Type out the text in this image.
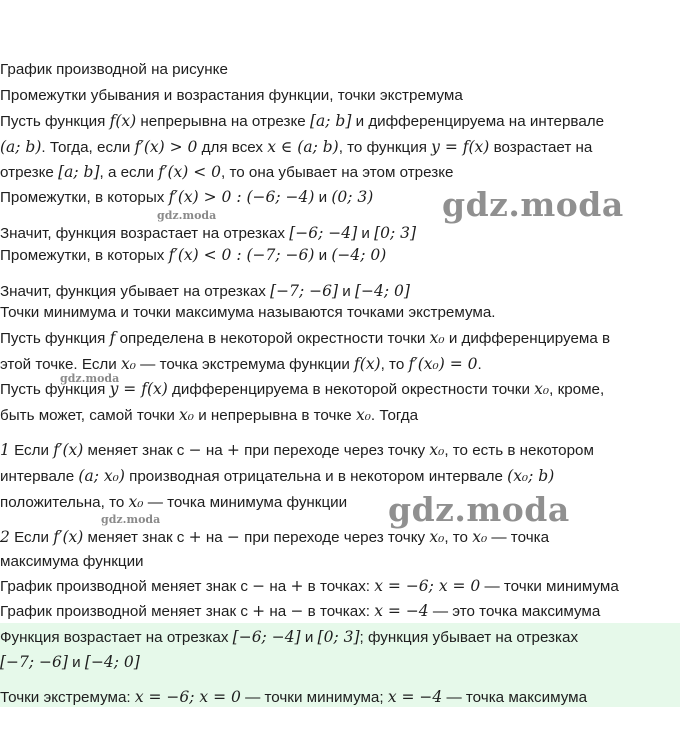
График производной на рисунке
Промежутки убывания и возрастания функции, точки экстремума
Пусть функция f(x) непрерывна на отрезке [a; b] и дифференцируема на интервале
(a; b). Тогда, если f′(x) > 0 для всех x ∈ (a; b), то функция y = f(x) возрастает на
отрезке [a; b], а если f′(x) < 0, то она убывает на этом отрезке
Промежутки, в которых f′(x) > 0 : (−6; −4) и (0; 3)
Значит, функция возрастает на отрезках [−6; −4] и [0; 3]
Промежутки, в которых f′(x) < 0 : (−7; −6) и (−4; 0)
Значит, функция убывает на отрезках [−7; −6] и [−4; 0]
Точки минимума и точки максимума называются точками экстремума.
Пусть функция f определена в некоторой окрестности точки x₀ и дифференцируема в
этой точке. Если x₀ — точка экстремума функции f(x), то f′(x₀) = 0.
Пусть функция y = f(x) дифференцируема в некоторой окрестности точки x₀, кроме,
быть может, самой точки x₀ и непрерывна в точке x₀. Тогда
1 Если f′(x) меняет знак с − на + при переходе через точку x₀, то есть в некотором
интервале (a; x₀) производная отрицательна и в некотором интервале (x₀; b)
положительна, то x₀ — точка минимума функции
2 Если f′(x) меняет знак с + на − при переходе через точку x₀, то x₀ — точка
максимума функции
График производной меняет знак с − на + в точках: x = −6; x = 0 — точки минимума
График производной меняет знак с + на − в точках: x = −4 — это точка максимума
Функция возрастает на отрезках [−6; −4] и [0; 3]; функция убывает на отрезках
[−7; −6] и [−4; 0]
Точки экстремума: x = −6; x = 0 — точки минимума; x = −4 — точка максимума
gdz.moda
gdz.moda
gdz.moda
gdz.moda
gdz.moda
